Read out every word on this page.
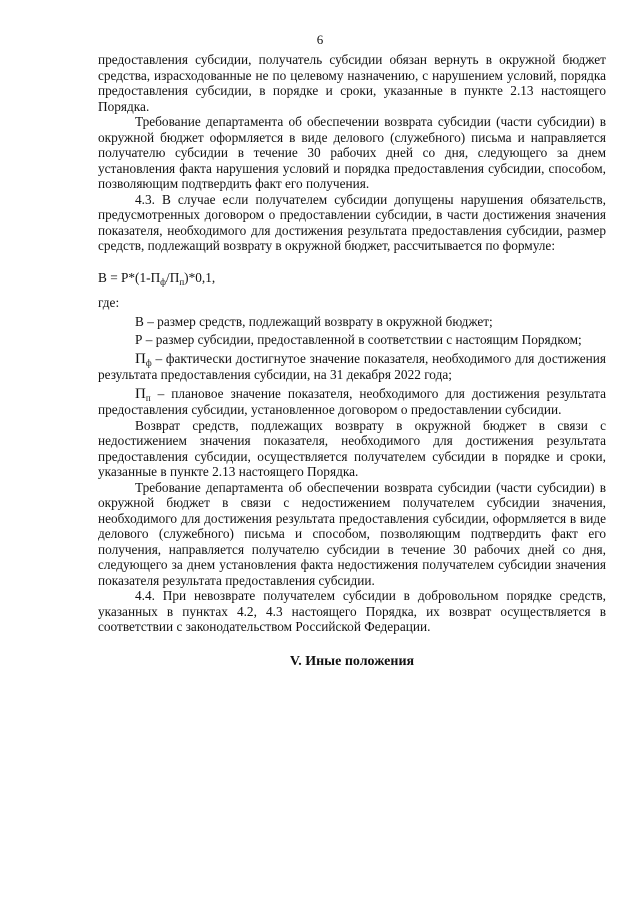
6

предоставления субсидии, получатель субсидии обязан вернуть в окружной бюджет средства, израсходованные не по целевому назначению, с нарушением условий, порядка предоставления субсидии, в порядке и сроки, указанные в пункте 2.13 настоящего Порядка.

Требование департамента об обеспечении возврата субсидии (части субсидии) в окружной бюджет оформляется в виде делового (служебного) письма и направляется получателю субсидии в течение 30 рабочих дней со дня, следующего за днем установления факта нарушения условий и порядка предоставления субсидии, способом, позволяющим подтвердить факт его получения.

4.3. В случае если получателем субсидии допущены нарушения обязательств, предусмотренных договором о предоставлении субсидии, в части достижения значения показателя, необходимого для достижения результата предоставления субсидии, размер средств, подлежащий возврату в окружной бюджет, рассчитывается по формуле:

$В = Р*(1-П_ф/П_п)*0,1$,

где:

В – размер средств, подлежащий возврату в окружной бюджет;

Р – размер субсидии, предоставленной в соответствии с настоящим Порядком;

$П_ф$ – фактически достигнутое значение показателя, необходимого для достижения результата предоставления субсидии, на 31 декабря 2022 года;

$П_п$ – плановое значение показателя, необходимого для достижения результата предоставления субсидии, установленное договором о предоставлении субсидии.

Возврат средств, подлежащих возврату в окружной бюджет в связи с недостижением значения показателя, необходимого для достижения результата предоставления субсидии, осуществляется получателем субсидии в порядке и сроки, указанные в пункте 2.13 настоящего Порядка.

Требование департамента об обеспечении возврата субсидии (части субсидии) в окружной бюджет в связи с недостижением получателем субсидии значения, необходимого для достижения результата предоставления субсидии, оформляется в виде делового (служебного) письма и способом, позволяющим подтвердить факт его получения, направляется получателю субсидии в течение 30 рабочих дней со дня, следующего за днем установления факта недостижения получателем субсидии значения показателя результата предоставления субсидии.

4.4. При невозврате получателем субсидии в добровольном порядке средств, указанных в пунктах 4.2, 4.3 настоящего Порядка, их возврат осуществляется в соответствии с законодательством Российской Федерации.

V. Иные положения
